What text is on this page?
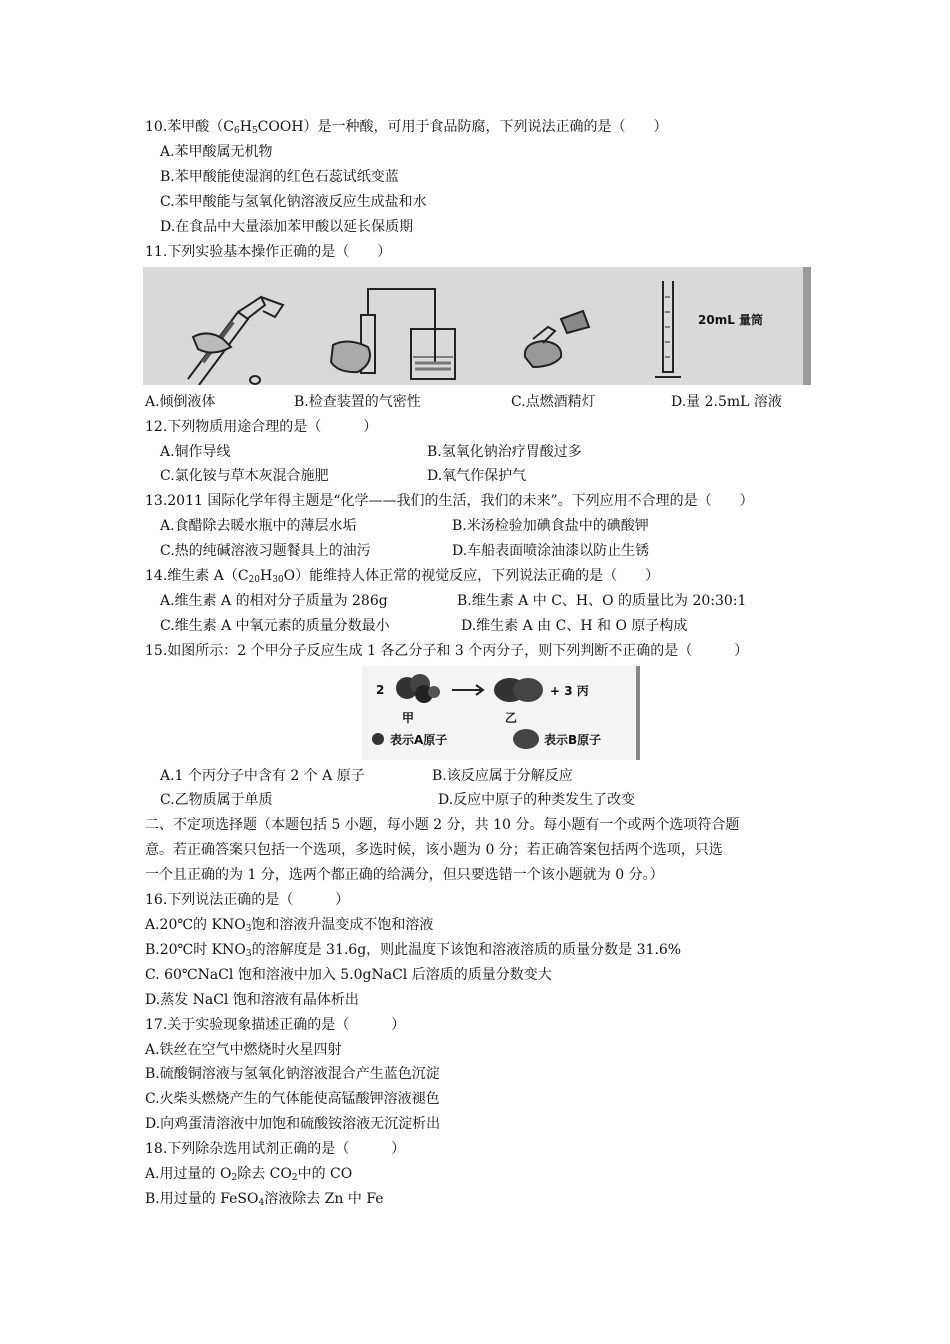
10.苯甲酸$(C_6H_5COOH)$是一种酸，可用于食品防腐，下列说法正确的是（　　）
A.苯甲酸属无机物
B.苯甲酸能使湿润的红色石蕊试纸变蓝
C.苯甲酸能与氢氧化钠溶液反应生成盐和水
D.在食品中大量添加苯甲酸以延长保质期
11.下列实验基本操作正确的是（　　）
20mL 量筒
A.倾倒液体	B.检查装置的气密性	C.点燃酒精灯	D.量 2.5mL 溶液
12.下列物质用途合理的是（　　　）
A.铜作导线	B.氢氧化钠治疗胃酸过多
C.氯化铵与草木灰混合施肥	D.氧气作保护气
13.2011 国际化学年得主题是“化学——我们的生活，我们的未来”。下列应用不合理的是（　　）
A.食醋除去暖水瓶中的薄层水垢	B.米汤检验加碘食盐中的碘酸钾
C.热的纯碱溶液习题餐具上的油污	D.车船表面喷涂油漆以防止生锈
14.维生素 $A(C_{20}H_{30}O)$能维持人体正常的视觉反应，下列说法正确的是（　　）
A.维生素 A 的相对分子质量为 286g	B.维生素 A 中 C、H、O 的质量比为 20:30:1
C.维生素 A 中氧元素的质量分数最小	D.维生素 A 由 C、H 和 O 原子构成
15.如图所示：2 个甲分子反应生成 1 各乙分子和 3 个丙分子，则下列判断不正确的是（　　　）
2	+ 3 丙
甲	乙
表示A原子	表示B原子
A.1 个丙分子中含有 2 个 A 原子	B.该反应属于分解反应
C.乙物质属于单质	D.反应中原子的种类发生了改变
二、不定项选择题（本题包括 5 小题，每小题 2 分，共 10 分。每小题有一个或两个选项符合题
意。若正确答案只包括一个选项，多选时候，该小题为 0 分；若正确答案包括两个选项，只选
一个且正确的为 1 分，选两个都正确的给满分，但只要选错一个该小题就为 0 分。）
16.下列说法正确的是（　　　）
A.20℃的 $KNO_3$饱和溶液升温变成不饱和溶液
B.20℃时 $KNO_3$的溶解度是 31.6g，则此温度下该饱和溶液溶质的质量分数是 31.6%
C. 60℃NaCl 饱和溶液中加入 5.0gNaCl 后溶质的质量分数变大
D.蒸发 NaCl 饱和溶液有晶体析出
17.关于实验现象描述正确的是（　　　）
A.铁丝在空气中燃烧时火星四射
B.硫酸铜溶液与氢氧化钠溶液混合产生蓝色沉淀
C.火柴头燃烧产生的气体能使高锰酸钾溶液褪色
D.向鸡蛋清溶液中加饱和硫酸铵溶液无沉淀析出
18.下列除杂选用试剂正确的是（　　　）
A.用过量的 $O_2$除去 $CO_2$中的 CO
B.用过量的 FeSO$_4$溶液除去 Zn 中 Fe
